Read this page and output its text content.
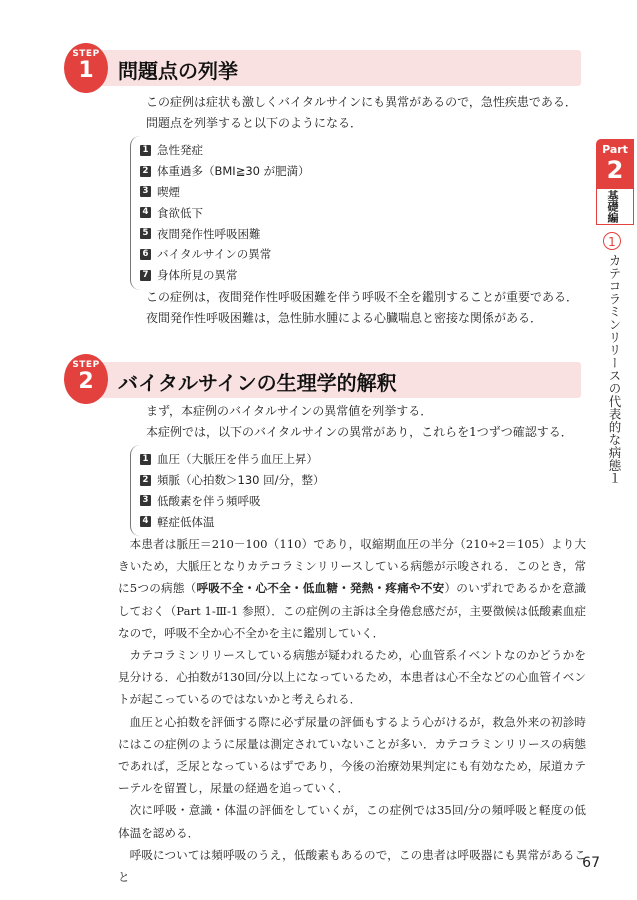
STEP
1	問題点の列挙

この症例は症状も激しくバイタルサインにも異常があるので，急性疾患である．

問題点を列挙すると以下のようになる．

1 急性発症
2 体重過多（BMI≧30 が肥満）
3 喫煙
4 食欲低下
5 夜間発作性呼吸困難
6 バイタルサインの異常
7 身体所見の異常

この症例は，夜間発作性呼吸困難を伴う呼吸不全を鑑別することが重要である．

夜間発作性呼吸困難は，急性肺水腫による心臓喘息と密接な関係がある．

STEP
2	バイタルサインの生理学的解釈

まず，本症例のバイタルサインの異常値を列挙する．

本症例では，以下のバイタルサインの異常があり，これらを1つずつ確認する．

1 血圧（大脈圧を伴う血圧上昇）
2 頻脈（心拍数＞130 回/分，整）
3 低酸素を伴う頻呼吸
4 軽症低体温

本患者は脈圧＝210－100（110）であり，収縮期血圧の半分（210÷2＝105）より大きいため，大脈圧となりカテコラミンリリースしている病態が示唆される．このとき，常に5つの病態（呼吸不全・心不全・低血糖・発熱・疼痛や不安）のいずれであるかを意識しておく（Part 1-Ⅲ-1 参照）．この症例の主訴は全身倦怠感だが，主要徴候は低酸素血症なので，呼吸不全か心不全かを主に鑑別していく．

カテコラミンリリースしている病態が疑われるため，心血管系イベントなのかどうかを見分ける．心拍数が130回/分以上になっているため，本患者は心不全などの心血管イベントが起こっているのではないかと考えられる．

血圧と心拍数を評価する際に必ず尿量の評価もするよう心がけるが，救急外来の初診時にはこの症例のように尿量は測定されていないことが多い．カテコラミンリリースの病態であれば，乏尿となっているはずであり，今後の治療効果判定にも有効なため，尿道カテーテルを留置し，尿量の経過を追っていく．

次に呼吸・意識・体温の評価をしていくが，この症例では35回/分の頻呼吸と軽度の低体温を認める．

呼吸については頻呼吸のうえ，低酸素もあるので，この患者は呼吸器にも異常があること

Part
2
基礎編
1
カテコラミンリリースの代表的な病態１
67
